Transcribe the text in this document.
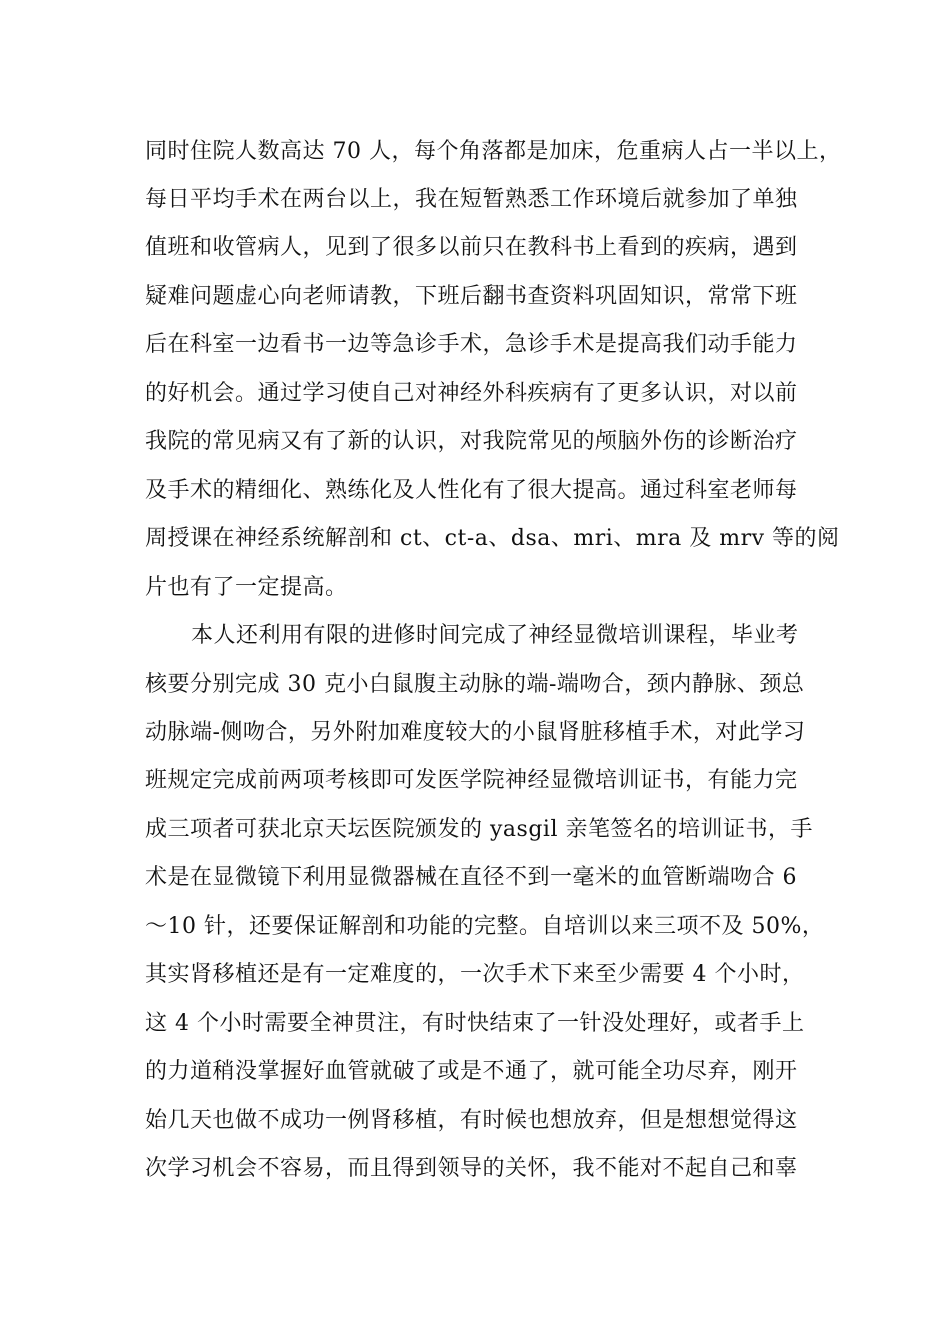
同时住院人数高达 70 人，每个角落都是加床，危重病人占一半以上，
每日平均手术在两台以上，我在短暂熟悉工作环境后就参加了单独
值班和收管病人，见到了很多以前只在教科书上看到的疾病，遇到
疑难问题虚心向老师请教，下班后翻书查资料巩固知识，常常下班
后在科室一边看书一边等急诊手术，急诊手术是提高我们动手能力
的好机会。通过学习使自己对神经外科疾病有了更多认识，对以前
我院的常见病又有了新的认识，对我院常见的颅脑外伤的诊断治疗
及手术的精细化、熟练化及人性化有了很大提高。通过科室老师每
周授课在神经系统解剖和 ct、ct-a、dsa、mri、mra 及 mrv 等的阅
片也有了一定提高。
本人还利用有限的进修时间完成了神经显微培训课程，毕业考
核要分别完成 30 克小白鼠腹主动脉的端-端吻合，颈内静脉、颈总
动脉端-侧吻合，另外附加难度较大的小鼠肾脏移植手术，对此学习
班规定完成前两项考核即可发医学院神经显微培训证书，有能力完
成三项者可获北京天坛医院颁发的 yasgil 亲笔签名的培训证书，手
术是在显微镜下利用显微器械在直径不到一毫米的血管断端吻合 6
～10 针，还要保证解剖和功能的完整。自培训以来三项不及 50%，
其实肾移植还是有一定难度的，一次手术下来至少需要 4 个小时，
这 4 个小时需要全神贯注，有时快结束了一针没处理好，或者手上
的力道稍没掌握好血管就破了或是不通了，就可能全功尽弃，刚开
始几天也做不成功一例肾移植，有时候也想放弃，但是想想觉得这
次学习机会不容易，而且得到领导的关怀，我不能对不起自己和辜
